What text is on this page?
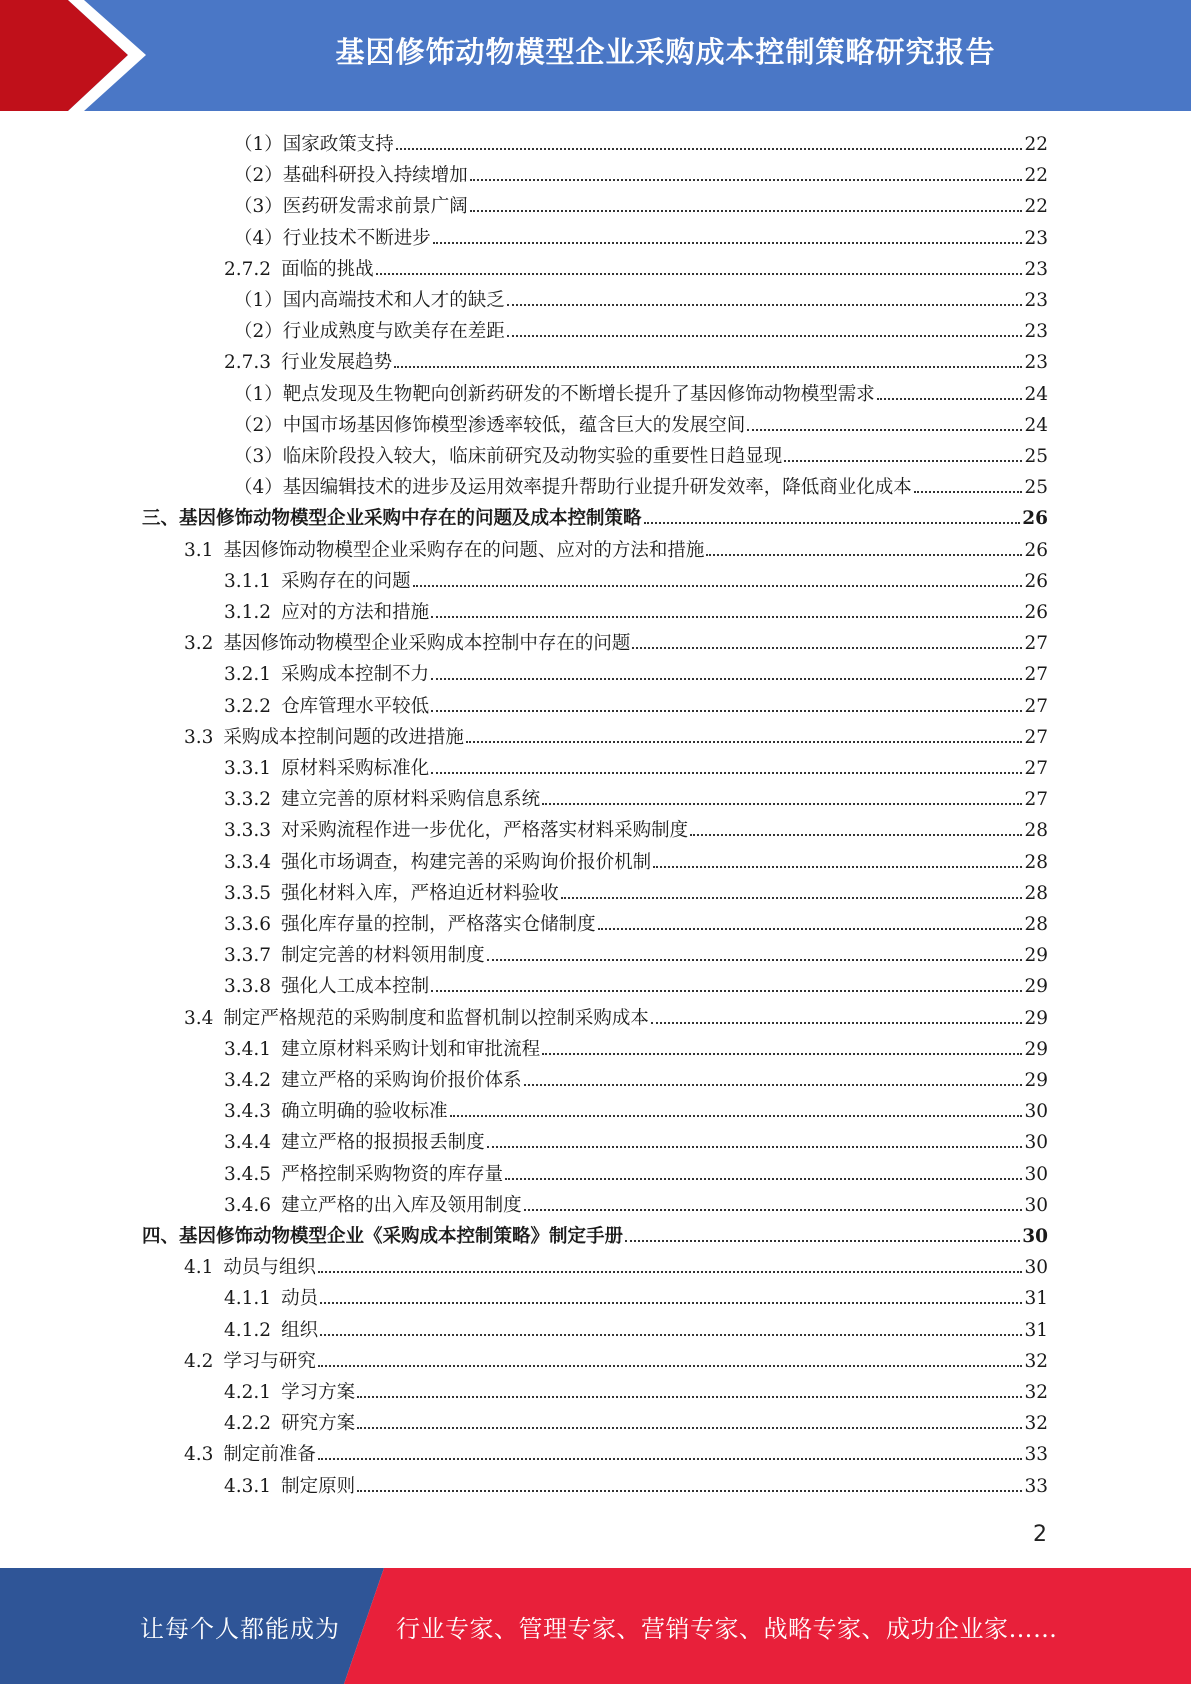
基因修饰动物模型企业采购成本控制策略研究报告
（1） 国家政策支持	22
（2） 基础科研投入持续增加	22
（3） 医药研发需求前景广阔	22
（4） 行业技术不断进步	23
2.7.2 面临的挑战	23
（1） 国内高端技术和人才的缺乏	23
（2） 行业成熟度与欧美存在差距	23
2.7.3 行业发展趋势	23
（1） 靶点发现及生物靶向创新药研发的不断增长提升了基因修饰动物模型需求	24
（2） 中国市场基因修饰模型渗透率较低，蕴含巨大的发展空间	24
（3） 临床阶段投入较大，临床前研究及动物实验的重要性日趋显现	25
（4） 基因编辑技术的进步及运用效率提升帮助行业提升研发效率，降低商业化成本	25
三、 基因修饰动物模型企业采购中存在的问题及成本控制策略	26
3.1 基因修饰动物模型企业采购存在的问题、应对的方法和措施	26
3.1.1 采购存在的问题	26
3.1.2 应对的方法和措施	26
3.2 基因修饰动物模型企业采购成本控制中存在的问题	27
3.2.1 采购成本控制不力	27
3.2.2 仓库管理水平较低	27
3.3 采购成本控制问题的改进措施	27
3.3.1 原材料采购标准化	27
3.3.2 建立完善的原材料采购信息系统	27
3.3.3 对采购流程作进一步优化，严格落实材料采购制度	28
3.3.4 强化市场调查，构建完善的采购询价报价机制	28
3.3.5 强化材料入库，严格迫近材料验收	28
3.3.6 强化库存量的控制，严格落实仓储制度	28
3.3.7 制定完善的材料领用制度	29
3.3.8 强化人工成本控制	29
3.4 制定严格规范的采购制度和监督机制以控制采购成本	29
3.4.1 建立原材料采购计划和审批流程	29
3.4.2 建立严格的采购询价报价体系	29
3.4.3 确立明确的验收标准	30
3.4.4 建立严格的报损报丢制度	30
3.4.5 严格控制采购物资的库存量	30
3.4.6 建立严格的出入库及领用制度	30
四、 基因修饰动物模型企业《采购成本控制策略》制定手册	30
4.1 动员与组织	30
4.1.1 动员	31
4.1.2 组织	31
4.2 学习与研究	32
4.2.1 学习方案	32
4.2.2 研究方案	32
4.3 制定前准备	33
4.3.1 制定原则	33
2
让每个人都能成为 行业专家、管理专家、营销专家、战略专家、成功企业家……
